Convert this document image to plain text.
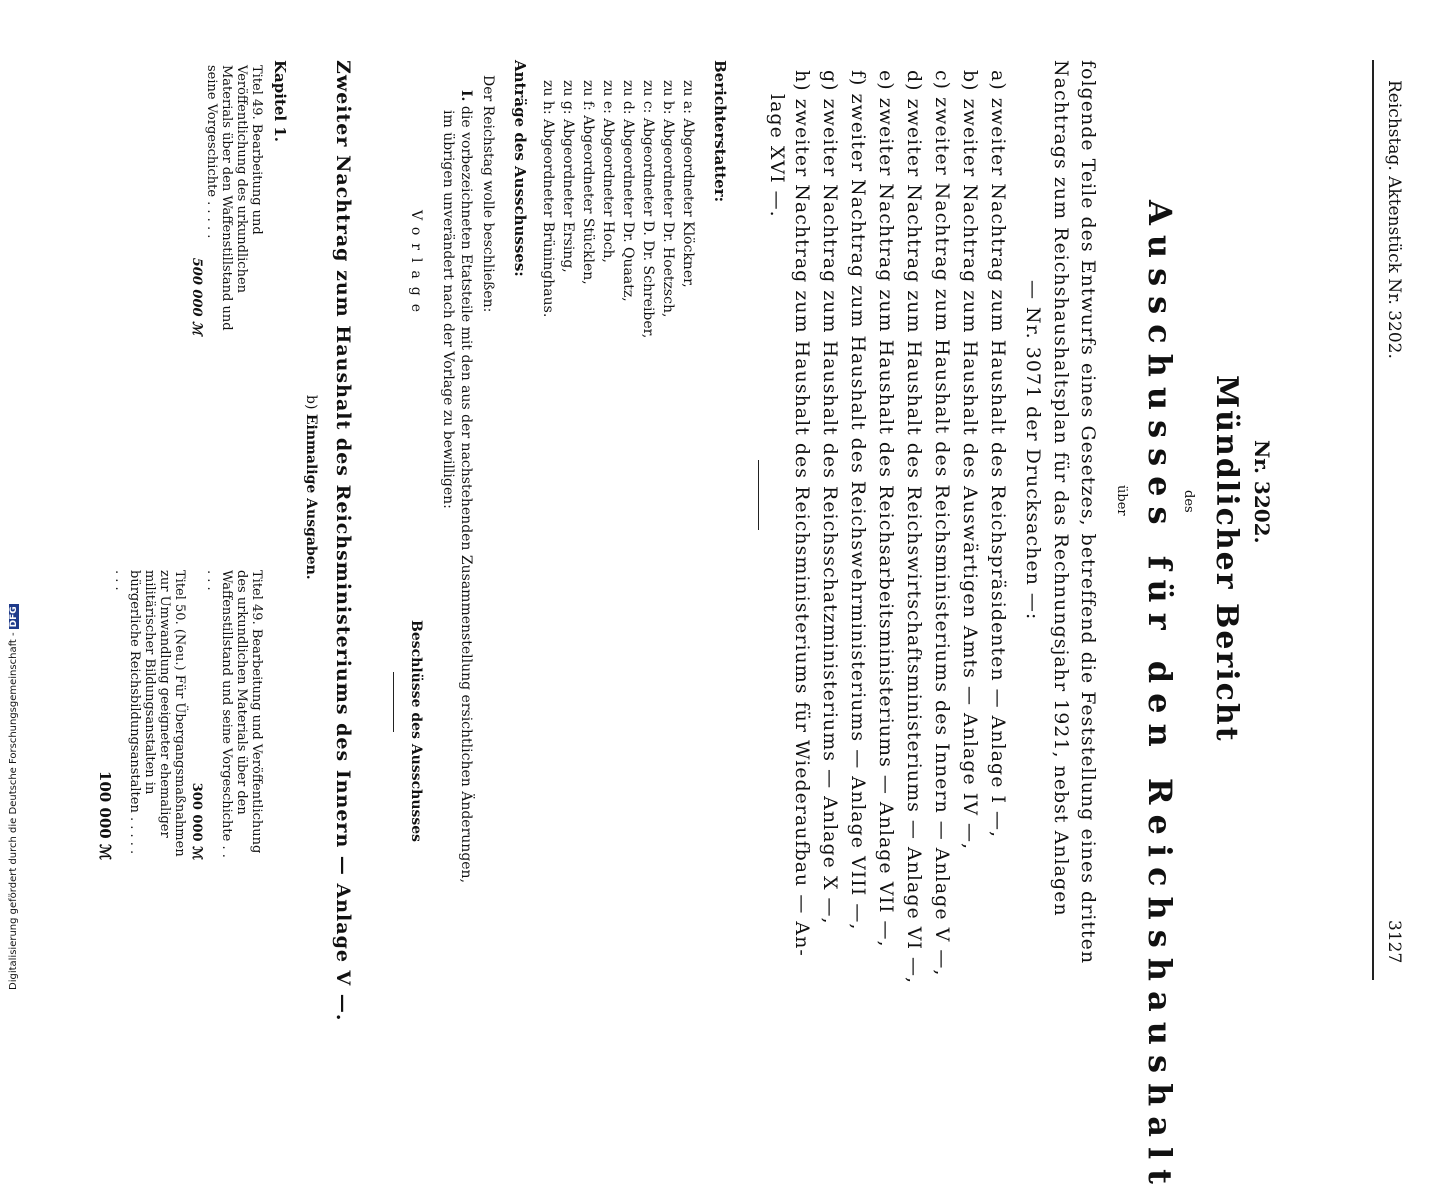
Reichstag. Aktenstück Nr. 3202.
3127
Nr. 3202.
Mündlicher Bericht
des
Ausschusses für den Reichshaushalt
über
folgende Teile des Entwurfs eines Gesetzes, betreffend die Feststellung eines dritten
Nachtrags zum Reichshaushaltsplan für das Rechnungsjahr 1921, nebst Anlagen
— Nr. 3071 der Drucksachen —:
a) zweiter Nachtrag zum Haushalt des Reichspräsidenten — Anlage I —,
b) zweiter Nachtrag zum Haushalt des Auswärtigen Amts — Anlage IV —,
c) zweiter Nachtrag zum Haushalt des Reichsministeriums des Innern — Anlage V —,
d) zweiter Nachtrag zum Haushalt des Reichswirtschaftsministeriums — Anlage VI —,
e) zweiter Nachtrag zum Haushalt des Reichsarbeitsministeriums — Anlage VII —,
f) zweiter Nachtrag zum Haushalt des Reichswehrministeriums — Anlage VIII —,
g) zweiter Nachtrag zum Haushalt des Reichsschatzministeriums — Anlage X —,
h) zweiter Nachtrag zum Haushalt des Reichsministeriums für Wiederaufbau — An-
lage XVI —.
Berichterstatter:
zu a: Abgeordneter Klöckner,
zu b: Abgeordneter Dr. Hoetzsch,
zu c: Abgeordneter D. Dr. Schreiber,
zu d: Abgeordneter Dr. Quaatz,
zu e: Abgeordneter Hoch,
zu f: Abgeordneter Stücklen,
zu g: Abgeordneter Ersing,
zu h: Abgeordneter Brüninghaus.
Anträge des Ausschusses:
Der Reichstag wolle beschließen:
I. die vorbezeichneten Etatsteile mit den aus der nachstehenden Zusammenstellung ersichtlichen Änderungen,
im übrigen unverändert nach der Vorlage zu bewilligen:
Vorlage
Beschlüsse des Ausschusses
Zweiter Nachtrag zum Haushalt des Reichsministeriums des Innern — Anlage V —.
b) Einmalige Ausgaben.
Kapitel 1.
Titel 49. Bearbeitung und Veröffentlichung des urkundlichen Materials über den Waffenstillstand und seine Vorgeschichte . . . . .
500 000 ℳ
Titel 49. Bearbeitung und Veröffentlichung des urkundlichen Materials über den Waffenstillstand und seine Vorgeschichte . . . . .
300 000 ℳ
Titel 50. (Neu.) Für Übergangsmaßnahmen zur Umwandlung geeigneter ehemaliger militärischer Bildungsanstalten in bürgerliche Reichsbildungsanstalten . . . . . . . .
100 000 ℳ
Digitalisierung gefördert durch die Deutsche Forschungsgemeinschaft -DFG
